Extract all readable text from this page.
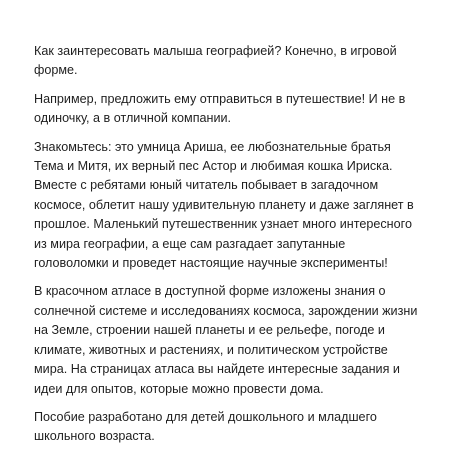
Как заинтересовать малыша географией? Конечно, в игровой форме.

Например, предложить ему отправиться в путешествие! И не в одиночку, а в отличной компании.

Знакомьтесь: это умница Ариша, ее любознательные братья Тема и Митя, их верный пес Астор и любимая кошка Ириска. Вместе с ребятами юный читатель побывает в загадочном космосе, облетит нашу удивительную планету и даже заглянет в прошлое. Маленький путешественник узнает много интересного из мира географии, а еще сам разгадает запутанные головоломки и проведет настоящие научные эксперименты!

В красочном атласе в доступной форме изложены знания о солнечной системе и исследованиях космоса, зарождении жизни на Земле, строении нашей планеты и ее рельефе, погоде и климате, животных и растениях, и политическом устройстве мира. На страницах атласа вы найдете интересные задания и идеи для опытов, которые можно провести дома.

Пособие разработано для детей дошкольного и младшего школьного возраста.
